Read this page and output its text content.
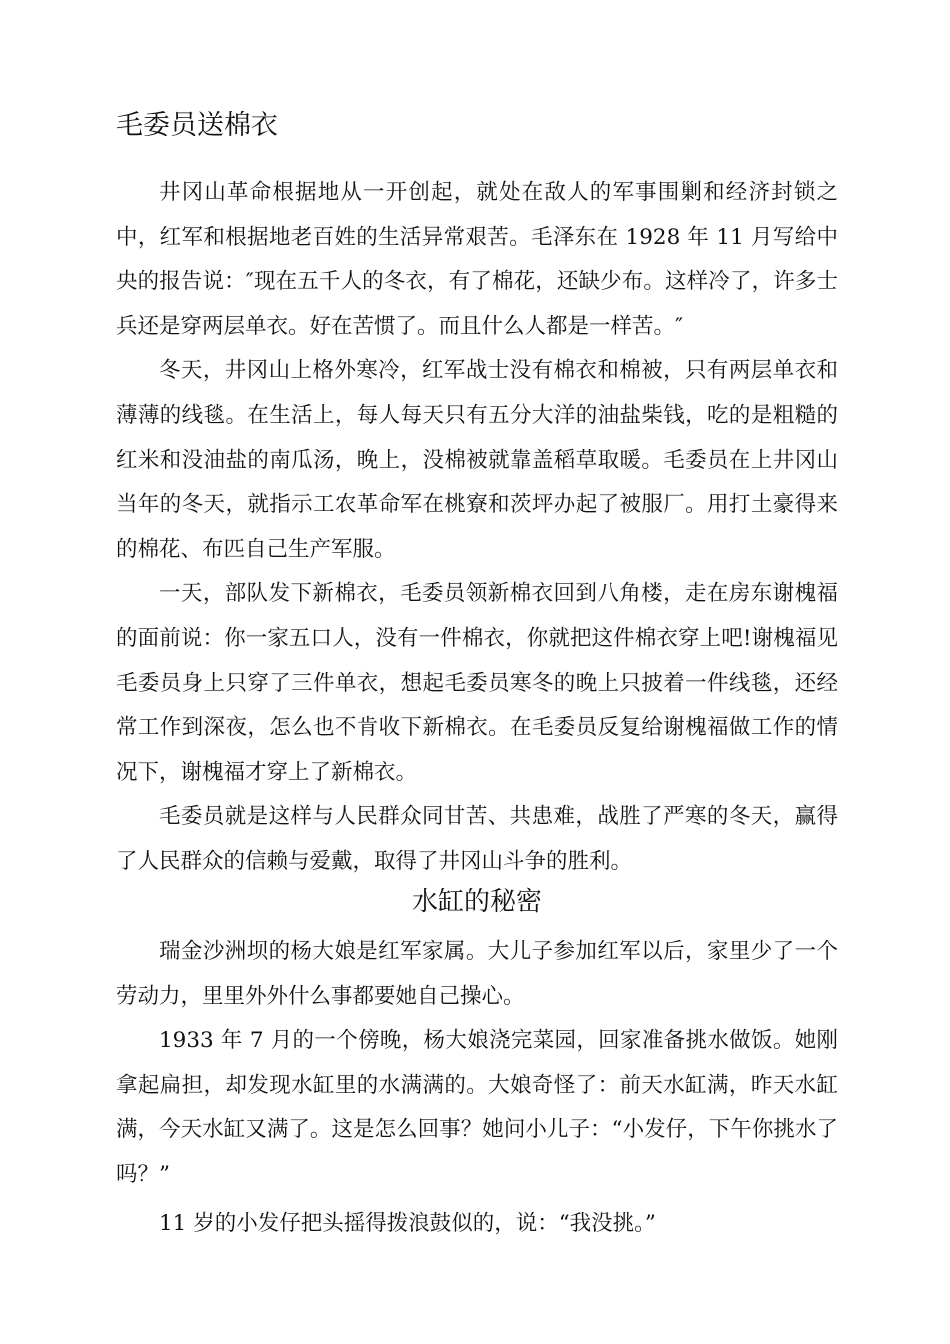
毛委员送棉衣

井冈山革命根据地从一开创起，就处在敌人的军事围剿和经济封锁之中，红军和根据地老百姓的生活异常艰苦。毛泽东在 1928 年 11 月写给中央的报告说：″现在五千人的冬衣，有了棉花，还缺少布。这样冷了，许多士兵还是穿两层单衣。好在苦惯了。而且什么人都是一样苦。″

冬天，井冈山上格外寒冷，红军战士没有棉衣和棉被，只有两层单衣和薄薄的线毯。在生活上，每人每天只有五分大洋的油盐柴钱，吃的是粗糙的红米和没油盐的南瓜汤，晚上，没棉被就靠盖稻草取暖。毛委员在上井冈山当年的冬天，就指示工农革命军在桃寮和茨坪办起了被服厂。用打土豪得来的棉花、布匹自己生产军服。

一天，部队发下新棉衣，毛委员领新棉衣回到八角楼，走在房东谢槐福的面前说：你一家五口人，没有一件棉衣，你就把这件棉衣穿上吧!谢槐福见毛委员身上只穿了三件单衣，想起毛委员寒冬的晚上只披着一件线毯，还经常工作到深夜，怎么也不肯收下新棉衣。在毛委员反复给谢槐福做工作的情况下，谢槐福才穿上了新棉衣。

毛委员就是这样与人民群众同甘苦、共患难，战胜了严寒的冬天，赢得了人民群众的信赖与爱戴，取得了井冈山斗争的胜利。

水缸的秘密

瑞金沙洲坝的杨大娘是红军家属。大儿子参加红军以后，家里少了一个劳动力，里里外外什么事都要她自己操心。

1933 年 7 月的一个傍晚，杨大娘浇完菜园，回家准备挑水做饭。她刚拿起扁担，却发现水缸里的水满满的。大娘奇怪了：前天水缸满，昨天水缸满，今天水缸又满了。这是怎么回事？她问小儿子：“小发仔，下午你挑水了吗？”

11 岁的小发仔把头摇得拨浪鼓似的，说：“我没挑。”
